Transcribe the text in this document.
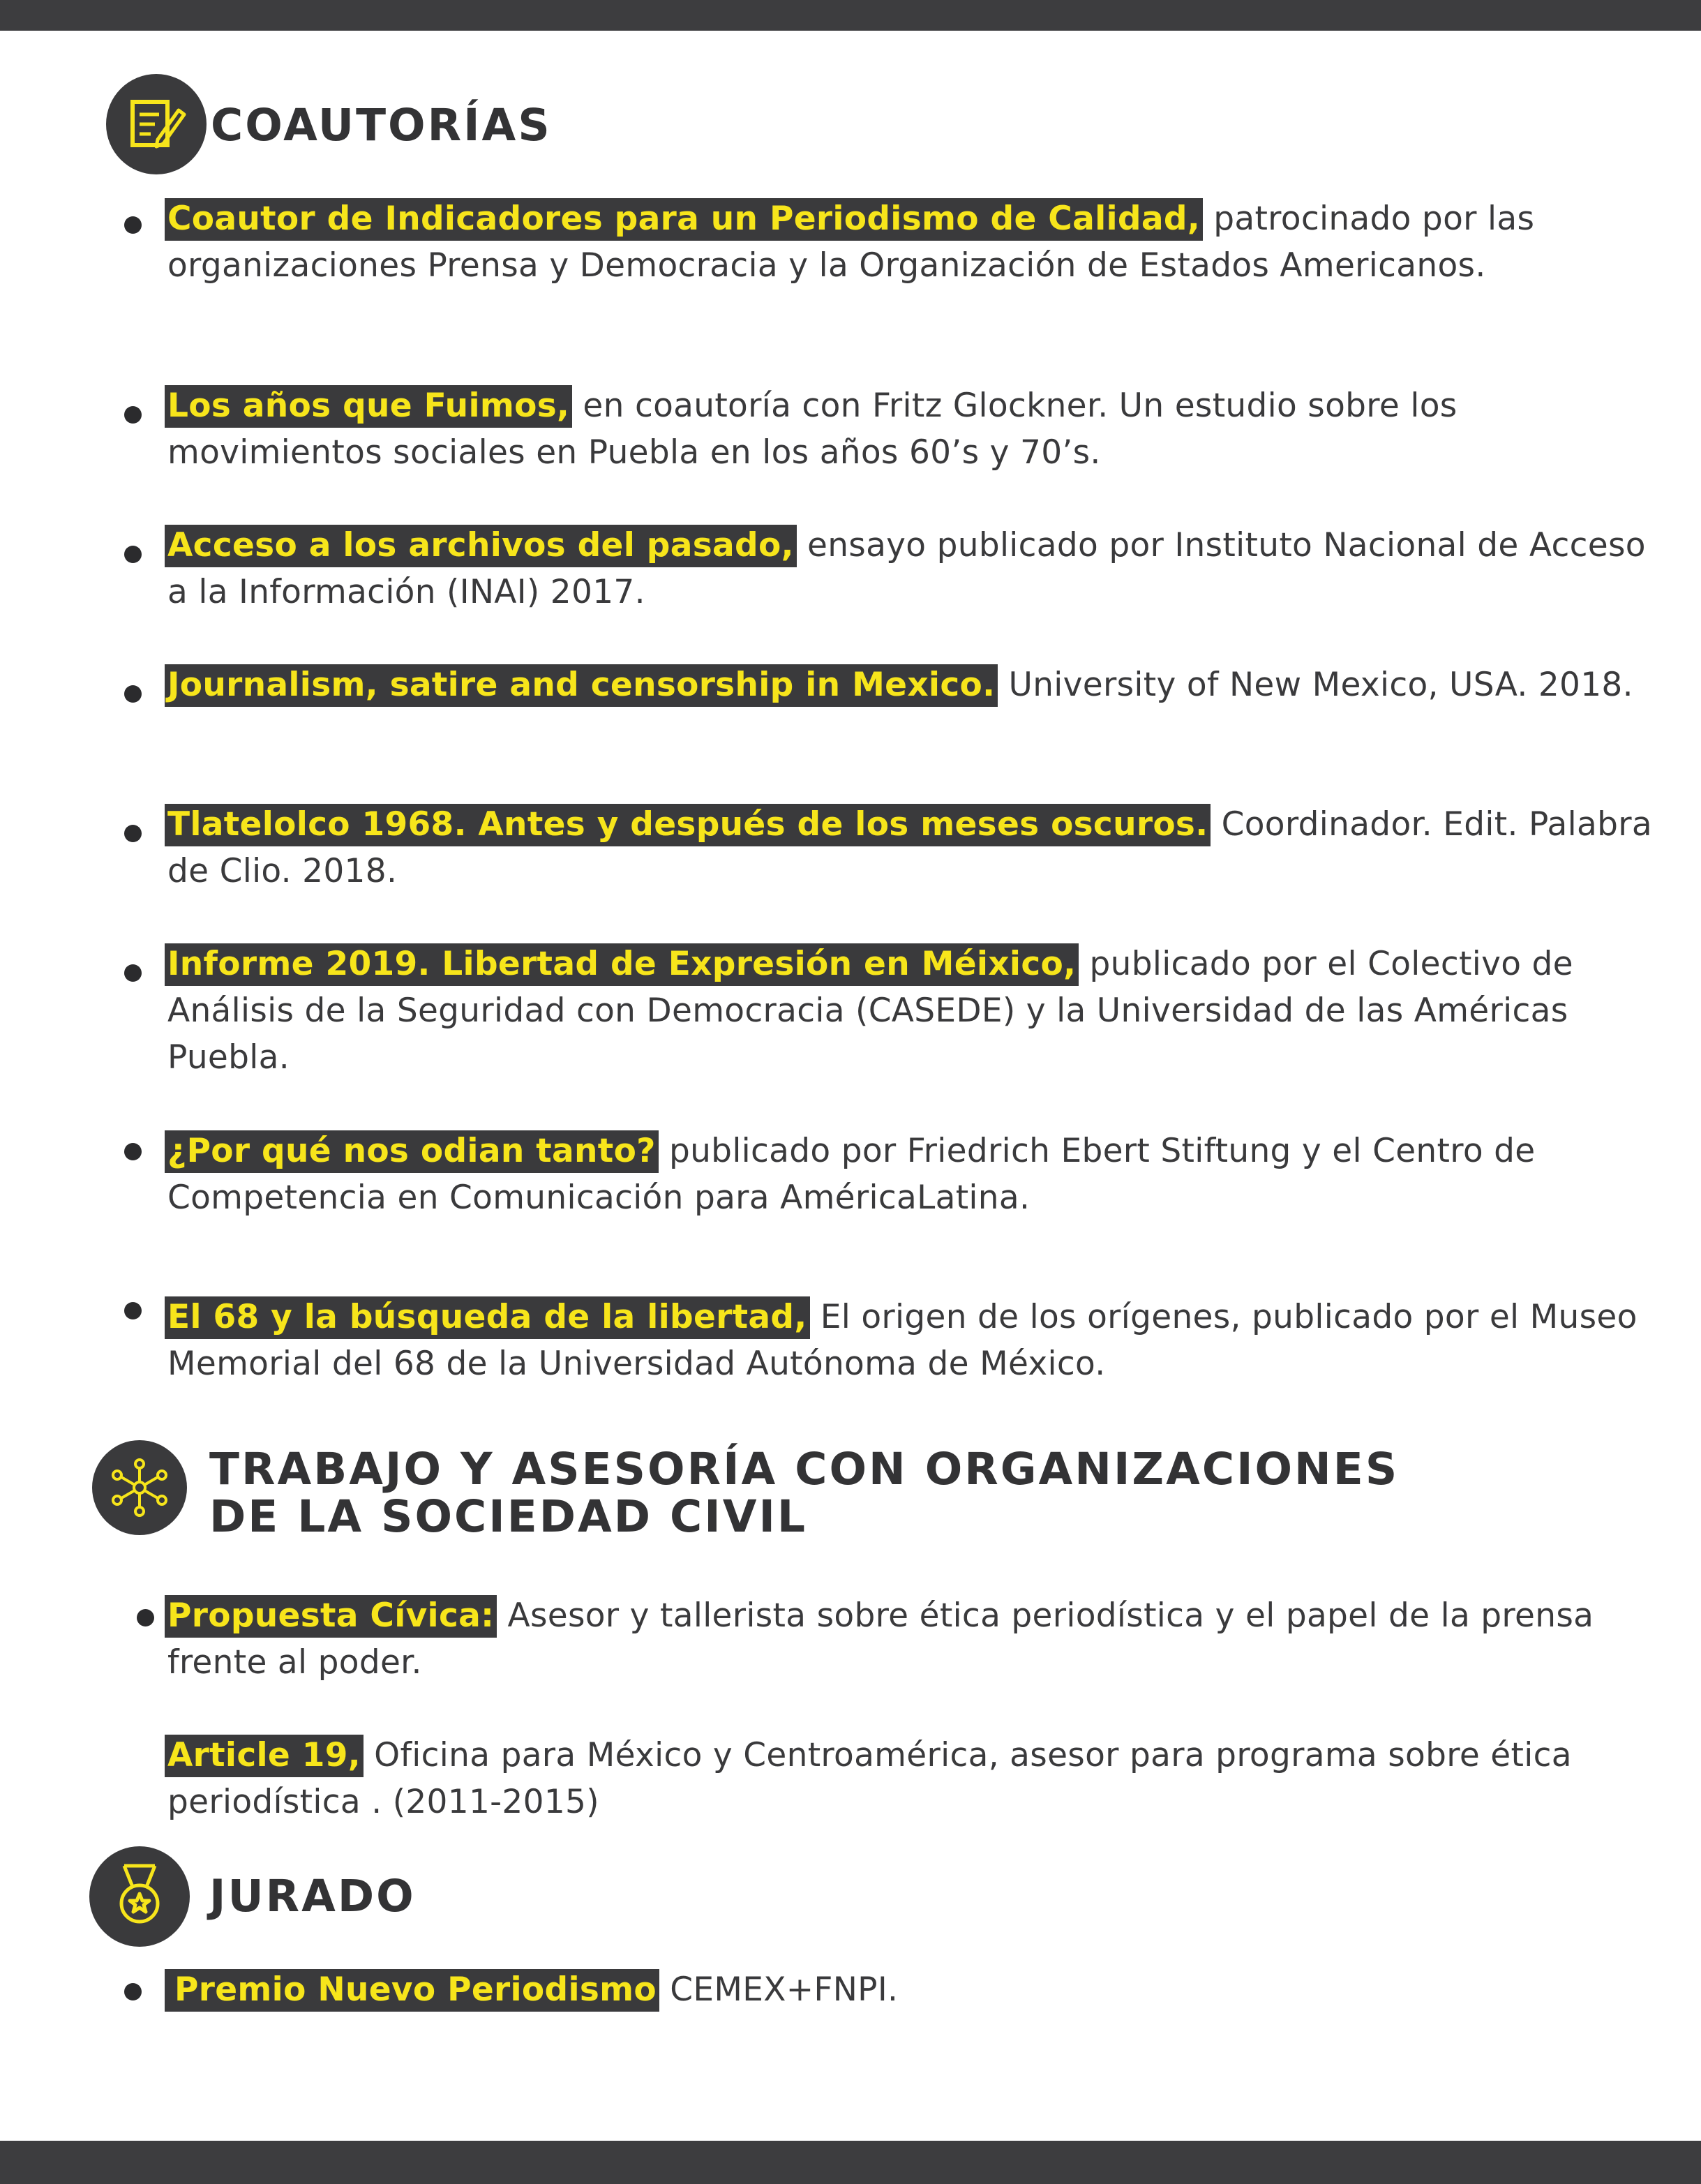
COAUTORÍAS

Coautor de Indicadores para un Periodismo de Calidad, patrocinado por las organizaciones Prensa y Democracia y la Organización de Estados Americanos.

Los años que Fuimos, en coautoría con Fritz Glockner. Un estudio sobre los movimientos sociales en Puebla en los años 60’s y 70’s.

Acceso a los archivos del pasado, ensayo publicado por Instituto Nacional de Acceso a la Información (INAI) 2017.

Journalism, satire and censorship in Mexico. University of New Mexico, USA. 2018.

Tlatelolco 1968. Antes y después de los meses oscuros. Coordinador. Edit. Palabra de Clio. 2018.

Informe 2019. Libertad de Expresión en Méixico, publicado por el Colectivo de Análisis de la Seguridad con Democracia (CASEDE) y la Universidad de las Américas Puebla.

¿Por qué nos odian tanto? publicado por Friedrich Ebert Stiftung y el Centro de Competencia en Comunicación para AméricaLatina.

El 68 y la búsqueda de la libertad, El origen de los orígenes, publicado por el Museo Memorial del 68 de la Universidad Autónoma de México.

TRABAJO Y ASESORÍA CON ORGANIZACIONES
DE LA SOCIEDAD CIVIL

Propuesta Cívica: Asesor y tallerista sobre ética periodística y el papel de la prensa frente al poder.

Article 19, Oficina para México y Centroamérica, asesor para programa sobre ética periodística . (2011-2015)

JURADO

Premio Nuevo Periodismo CEMEX+FNPI.
